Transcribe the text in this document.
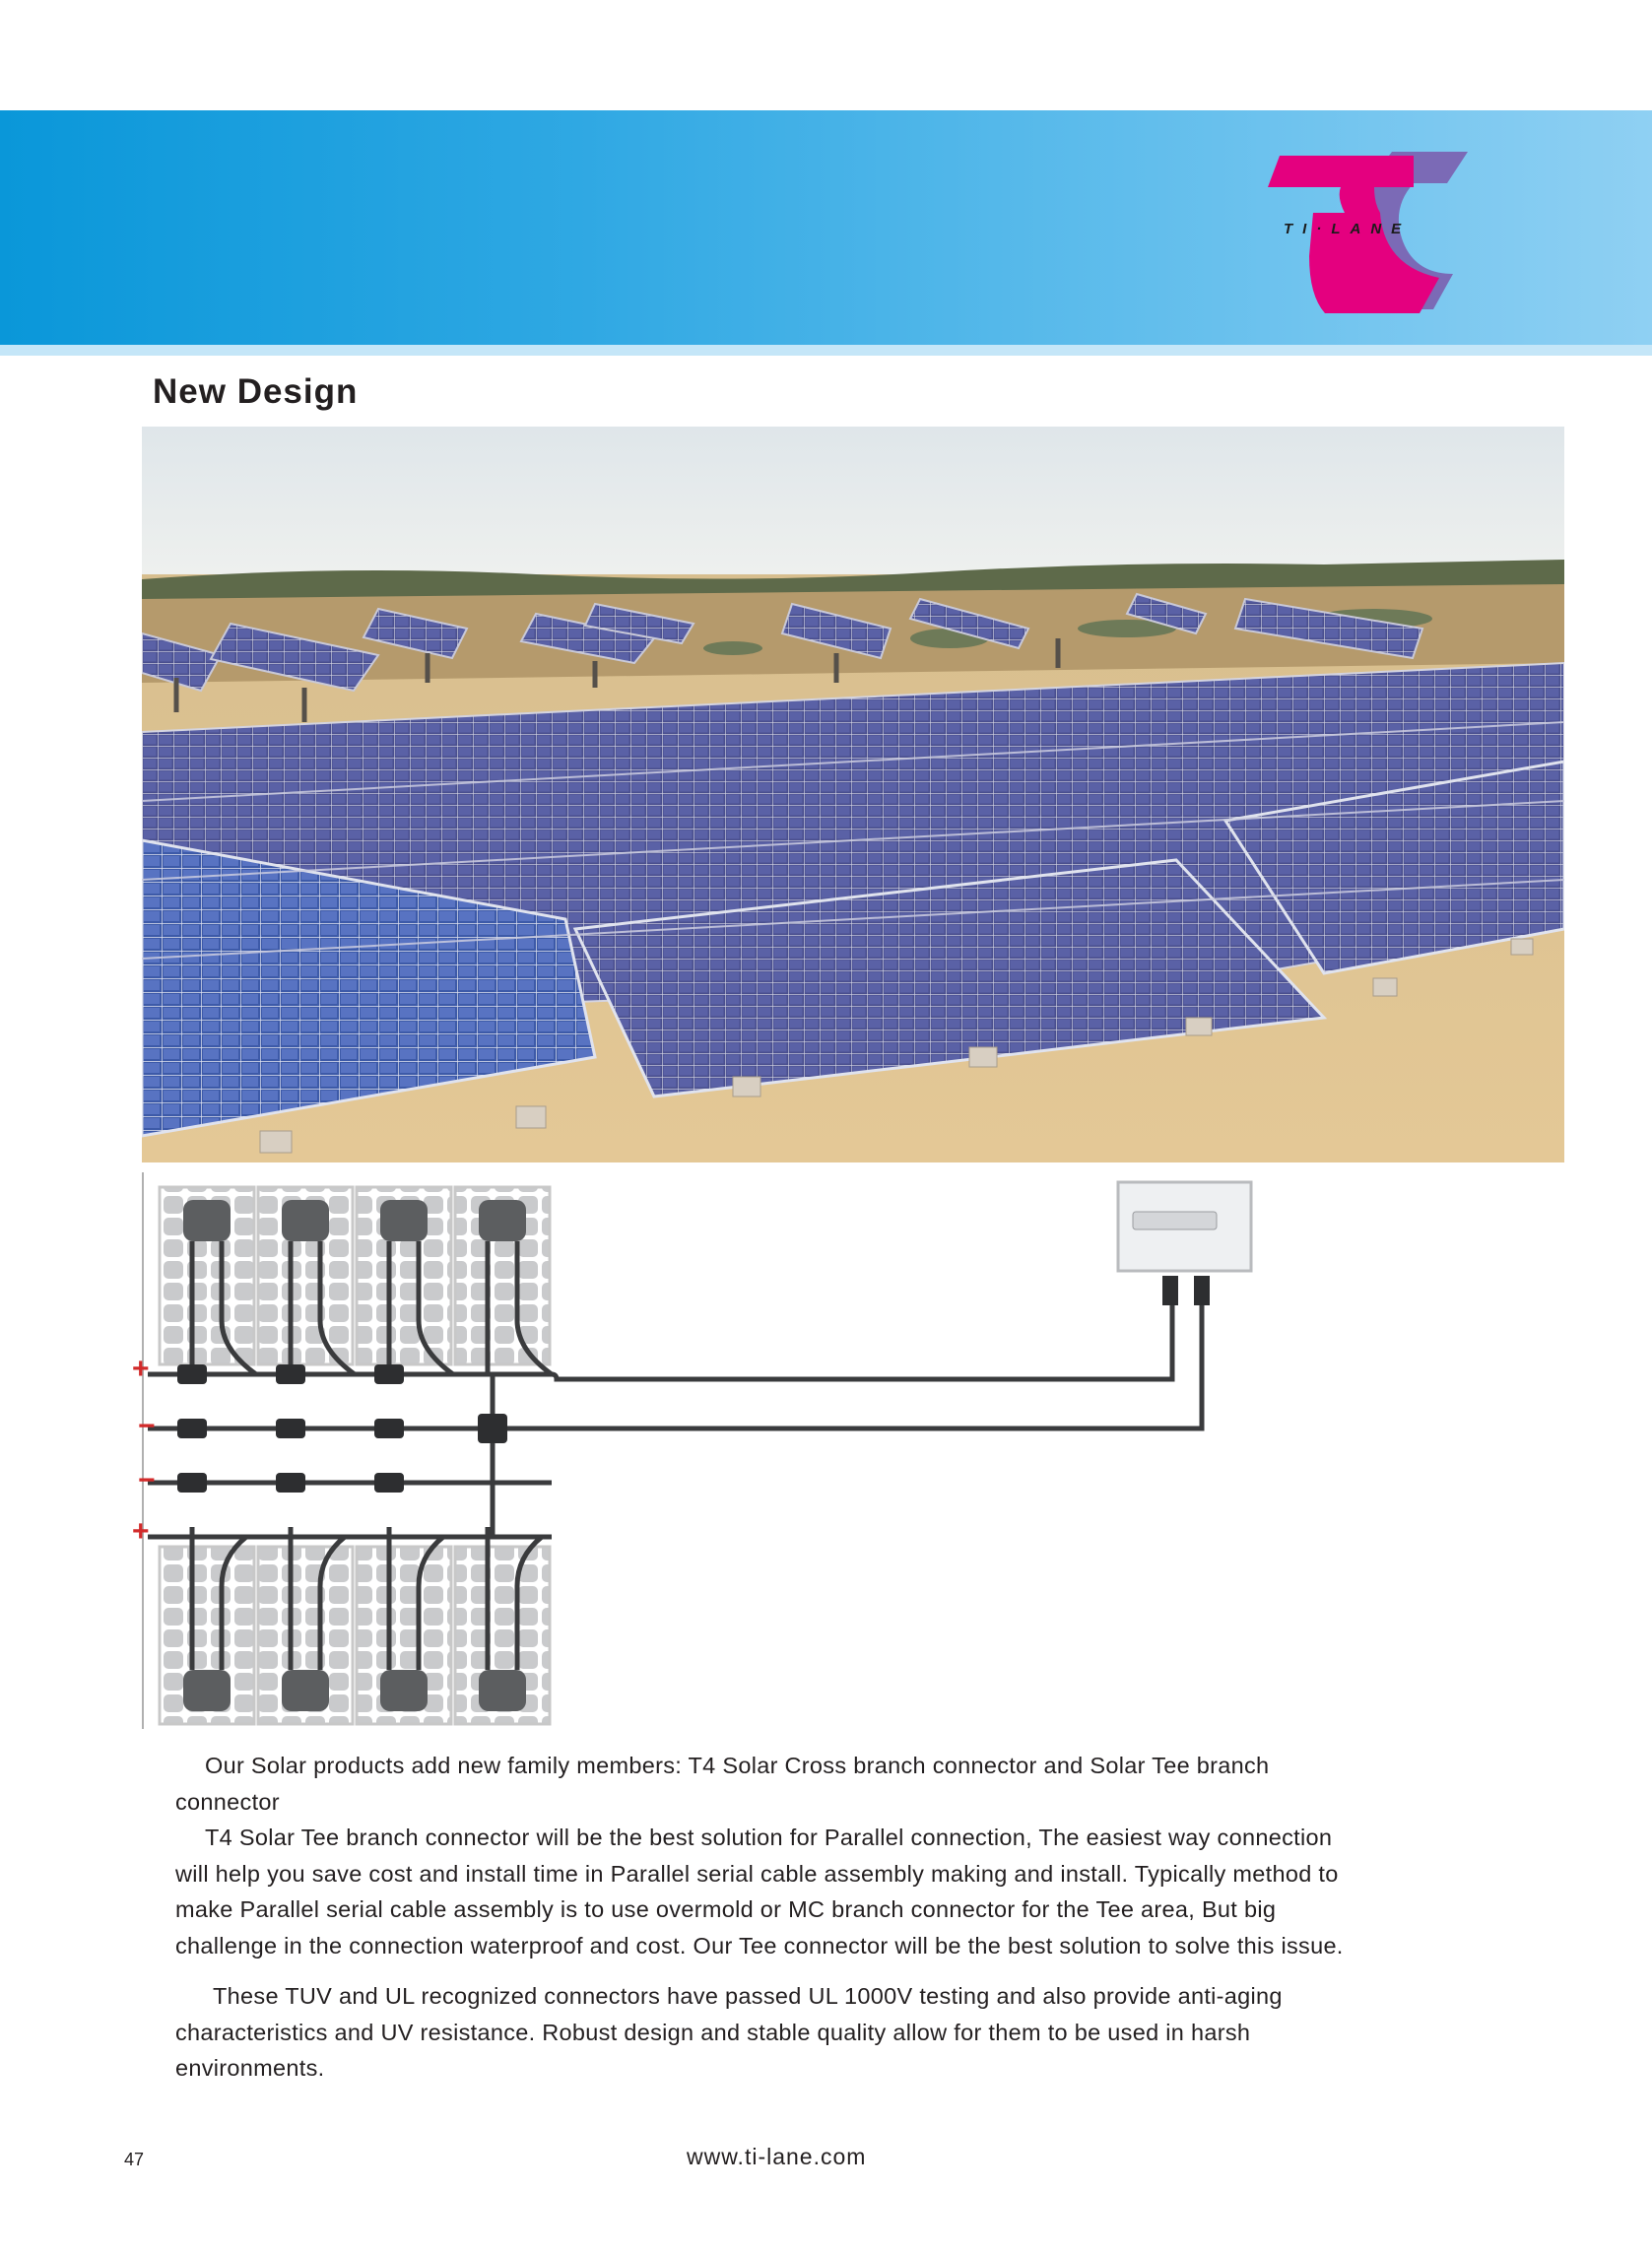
TI·LANE
New Design
+
−
−
+

Our Solar products add new family members: T4 Solar Cross branch connector and Solar Tee branch

connector

T4 Solar Tee branch connector will be the best solution for Parallel connection, The easiest way connection

will help you save cost and install time in Parallel serial cable assembly making and install. Typically method to

make Parallel serial cable assembly is to use overmold or MC branch connector for the Tee area, But big

challenge in the connection waterproof and cost. Our Tee connector will be the best solution to solve this issue.

These TUV and UL recognized connectors have passed UL 1000V testing and also provide anti-aging

characteristics and UV resistance. Robust design and stable quality allow for them to be used in harsh

environments.

47	www.ti-lane.com
